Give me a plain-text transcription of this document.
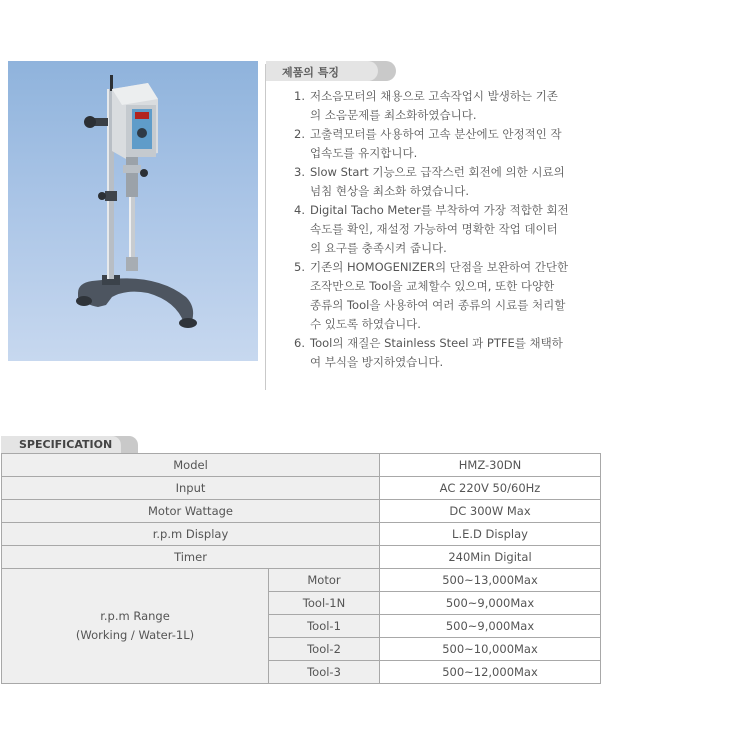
제품의 특징
1. 저소음모터의 채용으로 고속작업시 발생하는 기존
의 소음문제를 최소화하였습니다.
2. 고출력모터를 사용하여 고속 분산에도 안정적인 작
업속도를 유지합니다.
3. Slow Start 기능으로 급작스런 회전에 의한 시료의
넘침 현상을 최소화 하였습니다.
4. Digital Tacho Meter를 부착하여 가장 적합한 회전
속도를 확인, 재설정 가능하여 명확한 작업 데이터
의 요구를 충족시켜 줍니다.
5. 기존의 HOMOGENIZER의 단점을 보완하여 간단한
조작만으로 Tool을 교체할수 있으며, 또한 다양한
종류의 Tool을 사용하여 여러 종류의 시료를 처리할
수 있도록 하였습니다.
6. Tool의 재질은 Stainless Steel 과 PTFE를 채택하
여 부식을 방지하였습니다.
SPECIFICATION
Model		HMZ-30DN
Input		AC 220V 50/60Hz
Motor Wattage		DC 300W Max
r.p.m Display		L.E.D Display
Timer		240Min Digital
r.p.m Range
(Working / Water-1L)	Motor	500~13,000Max
	Tool-1N	500~9,000Max
	Tool-1	500~9,000Max
	Tool-2	500~10,000Max
	Tool-3	500~12,000Max
